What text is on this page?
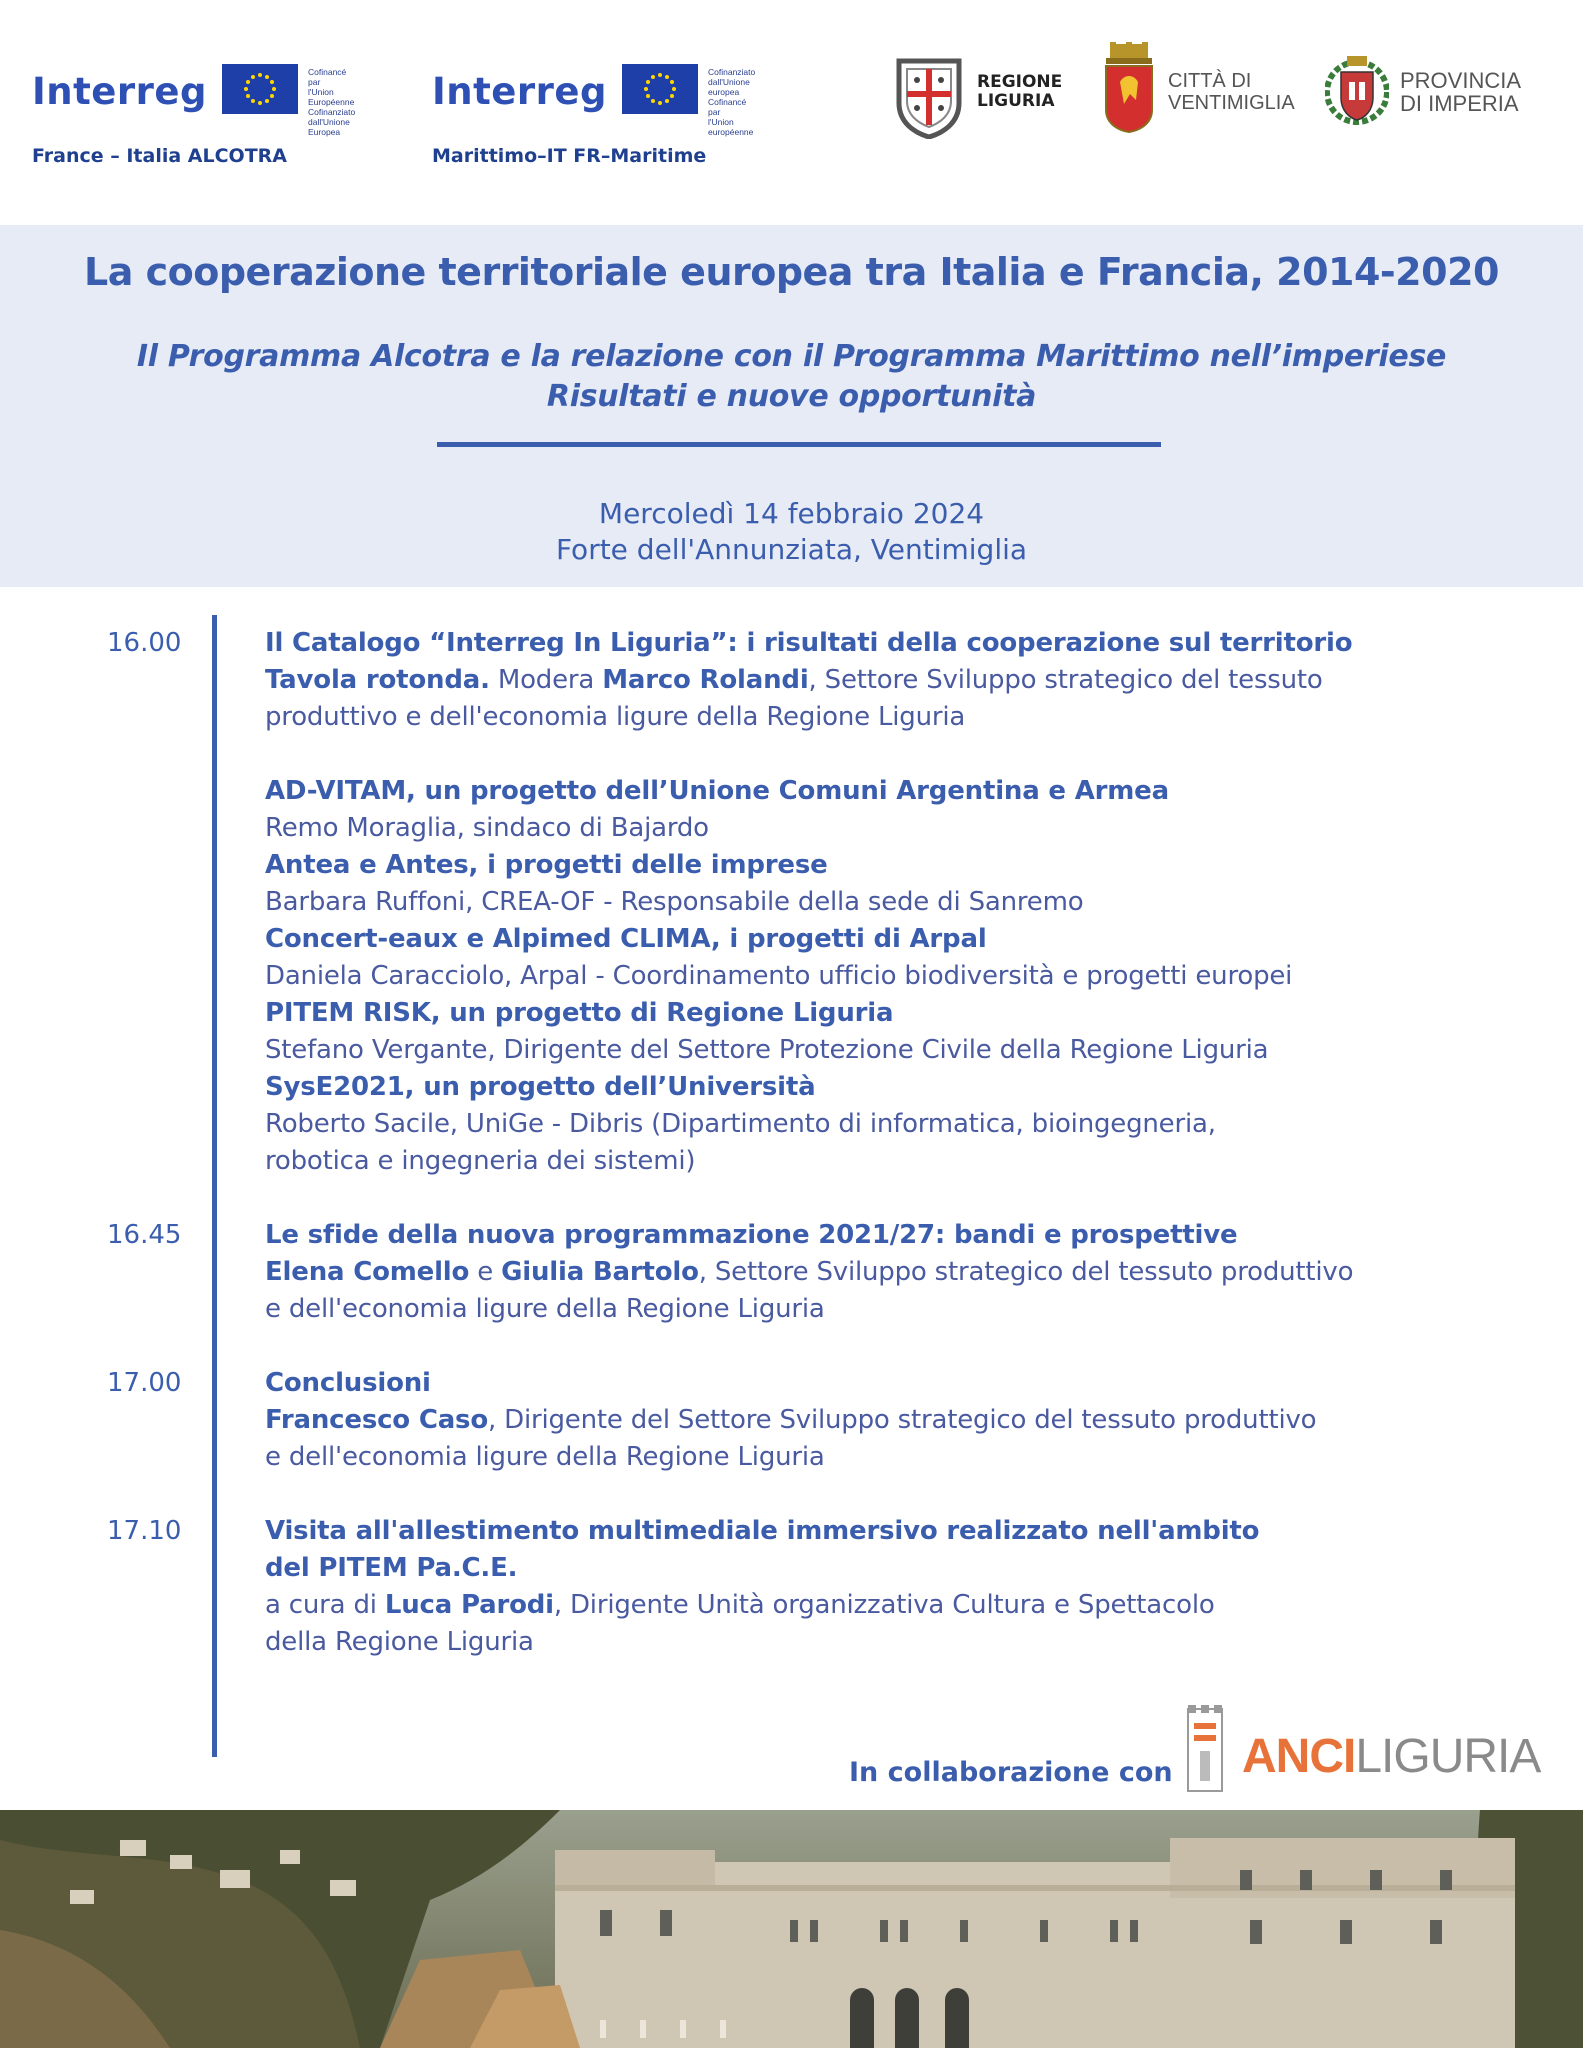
Interreg	Cofinancé par
l'Union Européenne
Cofinanziato
dall'Unione Europea
France – Italia ALCOTRA
Interreg	Cofinanziato
dall'Unione europea
Cofinancé par
l'Union européenne
Marittimo–IT FR–Maritime
REGIONE
LIGURIA
CITTÀ DI
VENTIMIGLIA
PROVINCIA
DI IMPERIA
La cooperazione territoriale europea tra Italia e Francia, 2014-2020
Il Programma Alcotra e la relazione con il Programma Marittimo nell’imperiese
Risultati e nuove opportunità
Mercoledì 14 febbraio 2024
Forte dell'Annunziata, Ventimiglia
16.00	Il Catalogo “Interreg In Liguria”: i risultati della cooperazione sul territorio
Tavola rotonda. Modera Marco Rolandi, Settore Sviluppo strategico del tessuto
produttivo e dell'economia ligure della Regione Liguria
AD-VITAM, un progetto dell’Unione Comuni Argentina e Armea
Remo Moraglia, sindaco di Bajardo
Antea e Antes, i progetti delle imprese
Barbara Ruffoni, CREA-OF - Responsabile della sede di Sanremo
Concert-eaux e Alpimed CLIMA, i progetti di Arpal
Daniela Caracciolo, Arpal - Coordinamento ufficio biodiversità e progetti europei
PITEM RISK, un progetto di Regione Liguria
Stefano Vergante, Dirigente del Settore Protezione Civile della Regione Liguria
SysE2021, un progetto dell’Università
Roberto Sacile, UniGe - Dibris (Dipartimento di informatica, bioingegneria,
robotica e ingegneria dei sistemi)
16.45	Le sfide della nuova programmazione 2021/27: bandi e prospettive
Elena Comello e Giulia Bartolo, Settore Sviluppo strategico del tessuto produttivo
e dell'economia ligure della Regione Liguria
17.00	Conclusioni
Francesco Caso, Dirigente del Settore Sviluppo strategico del tessuto produttivo
e dell'economia ligure della Regione Liguria
17.10	Visita all'allestimento multimediale immersivo realizzato nell'ambito
del PITEM Pa.C.E.
a cura di Luca Parodi, Dirigente Unità organizzativa Cultura e Spettacolo
della Regione Liguria
In collaborazione con ANCILIGURIA
